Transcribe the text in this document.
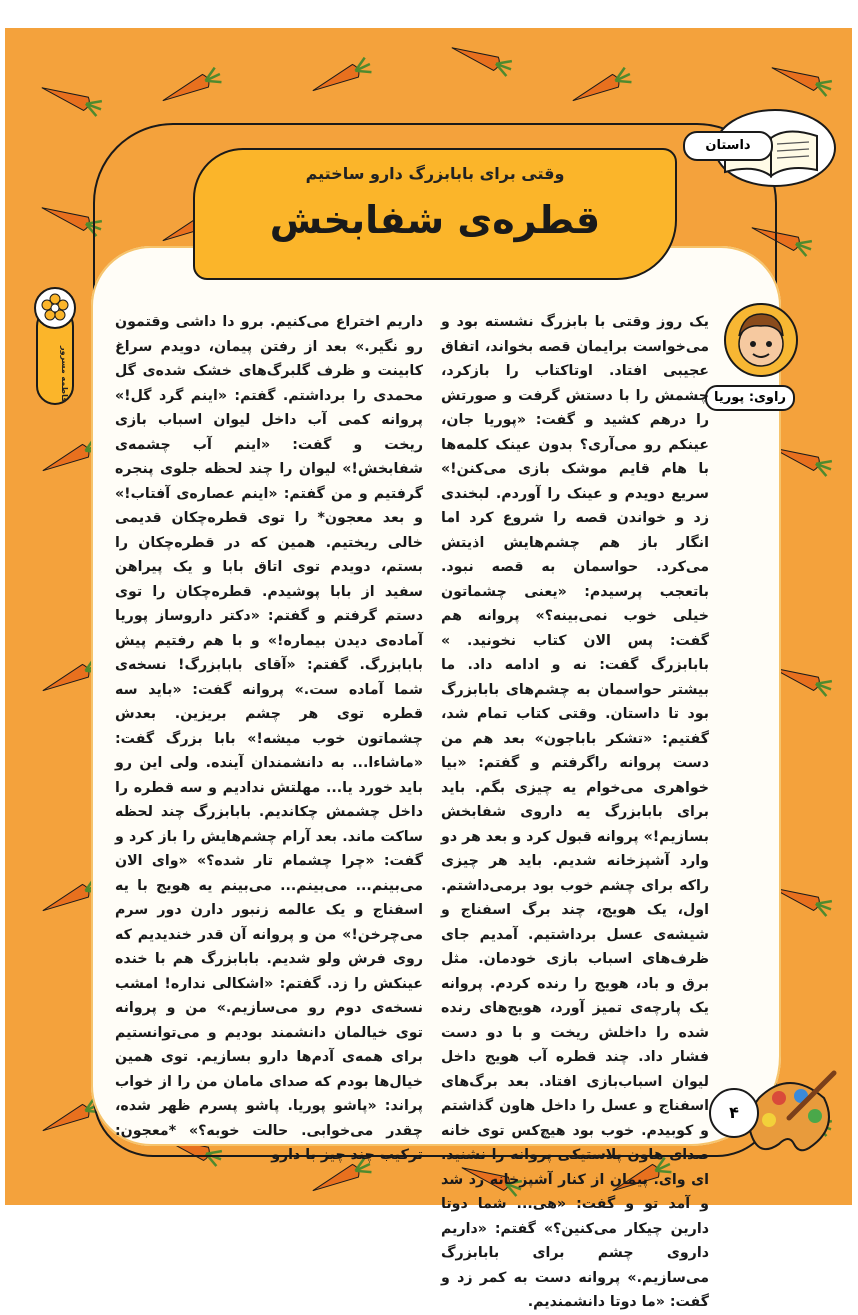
داستان
وقتی برای بابابزرگ دارو ساختیم
قطره‌ی شفابخش
راوی: پوریا
فاطمه مسرور
یک روز وقتی با بابزرگ نشسته بود و می‌خواست برایمان قصه بخواند، اتفاق عجیبی افتاد. اوتاکتاب را بازکرد، چشمش را با دستش گرفت و صورتش را درهم کشید و گفت: «پوریا جان، عینکم رو می‌آری؟ بدون عینک کلمه‌ها با هام قایم موشک بازی می‌کنن!» سریع دویدم و عینک را آوردم. لبخندی زد و خواندن قصه را شروع کرد اما انگار باز هم چشم‌هایش اذیتش می‌کرد. حواسمان به قصه نبود. باتعجب پرسیدم: «یعنی چشماتون خیلی خوب نمی‌بینه؟» پروانه هم گفت: پس الان کتاب نخونید. » بابابزرگ گفت: نه و ادامه داد. ما بیشتر حواسمان به چشم‌های بابابزرگ بود تا داستان. وقتی کتاب تمام شد، گفتیم: «تشکر باباجون» بعد هم من دست پروانه راگرفتم و گفتم: «بیا خواهری می‌خوام یه چیزی بگم. باید برای بابابزرگ یه داروی شفابخش بسازیم!» پروانه قبول کرد و بعد هر دو وارد آشپزخانه شدیم. باید هر چیزی راکه برای چشم خوب بود برمی‌داشتم. اول، یک هویج، چند برگ اسفناج و شیشه‌ی عسل برداشتیم. آمدیم جای ظرف‌های اسباب بازی خودمان. مثل برق و باد، هویج را رنده کردم. پروانه یک پارچه‌ی تمیز آورد، هویج‌های رنده شده را داخلش ریخت و با دو دست فشار داد. چند قطره آب هویج داخل لیوان اسباب‌بازی افتاد. بعد برگ‌های اسفناج و عسل را داخل هاون گذاشتم و کوبیدم. خوب بود هیچ‌کس توی خانه صدای هاون پلاستیکی پروانه را نشنید. ای وای. پیمان از کنار آشپزخانه رد شد و آمد تو و گفت: «هی... شما دوتا دارین چیکار می‌کنین؟» گفتم: «داریم داروی چشم برای بابابزرگ می‌سازیم.» پروانه دست به کمر زد و گفت: «ما دوتا دانشمندیم.
داریم اختراع می‌کنیم. برو دا داشی وقتمون رو نگیر.» بعد از رفتن پیمان، دویدم سراغ کابینت و ظرف گلبرگ‌های خشک شده‌ی گل محمدی را برداشتم. گفتم: «اینم گرد گل!» پروانه کمی آب داخل لیوان اسباب بازی ریخت و گفت: «اینم آب چشمه‌ی شفابخش!» لیوان را چند لحظه جلوی پنجره گرفتیم و من گفتم: «اینم عصاره‌ی آفتاب!» و بعد معجون* را توی قطره‌چکان قدیمی خالی ریختیم. همین که در قطره‌چکان را بستم، دویدم توی اتاق بابا و یک پیراهن سفید از بابا پوشیدم. قطره‌چکان را توی دستم گرفتم و گفتم: «دکتر داروساز پوریا آماده‌ی دیدن بیماره!» و با هم رفتیم پیش بابابزرگ. گفتم: «آقای بابابزرگ! نسخه‌ی شما آماده ست.» پروانه گفت: «باید سه قطره توی هر چشم بریزین. بعدش چشماتون خوب میشه!» بابا بزرگ گفت: «ماشاءا... به دانشمندان آینده. ولی این رو باید خورد یا... مهلتش ندادیم و سه قطره را داخل چشمش چکاندیم. بابابزرگ چند لحظه ساکت ماند. بعد آرام چشم‌هایش را باز کرد و گفت: «چرا چشمام تار شده؟» «وای الان می‌بینم... می‌بینم... می‌بینم یه هویج با یه اسفناج و یک عالمه زنبور دارن دور سرم می‌چرخن!» من و پروانه آن قدر خندیدیم که روی فرش ولو شدیم. بابابزرگ هم با خنده عینکش را زد. گفتم: «اشکالی نداره! امشب نسخه‌ی دوم رو می‌سازیم.» من و پروانه توی خیالمان دانشمند بودیم و می‌توانستیم برای همه‌ی آدم‌ها دارو بسازیم. توی همین خیال‌ها بودم که صدای مامان من را از خواب پراند: «پاشو پوریا. پاشو پسرم ظهر شده، چقدر می‌خوابی. حالت خوبه؟» *معجون: ترکیب چند چیز با دارو
۴
